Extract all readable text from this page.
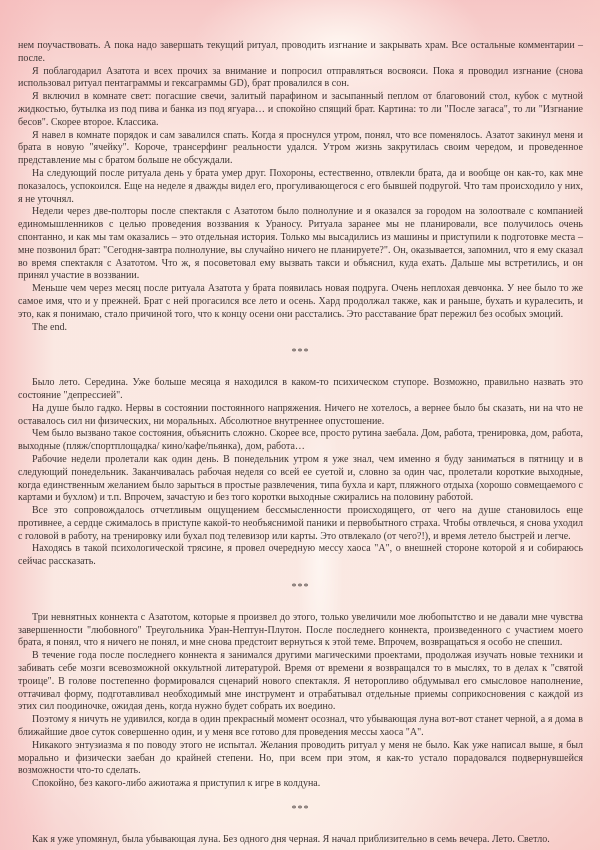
нем поучаствовать. А пока надо завершать текущий ритуал, проводить изгнание и закрывать храм. Все остальные комментарии – после.

Я поблагодарил Азатота и всех прочих за внимание и попросил отправляться восвояси. Пока я проводил изгнание (снова использовал ритуал пентаграммы и гексаграммы GD), брат провалился в сон.

Я включил в комнате свет: погасшие свечи, залитый парафином и засыпанный пеплом от благовоний стол, кубок с мутной жидкостью, бутылка из под пива и банка из под ягуара… и спокойно спящий брат. Картина: то ли "После загаса", то ли "Изгнание бесов". Скорее второе. Классика.

Я навел в комнате порядок и сам завалился спать. Когда я проснулся утром, понял, что все поменялось. Азатот закинул меня и брата в новую "ячейку". Короче, трансерфинг реальности удался. Утром жизнь закрутилась своим чередом, и проведенное представление мы с братом больше не обсуждали.

На следующий после ритуала день у брата умер друг. Похороны, естественно, отвлекли брата, да и вообще он как-то, как мне показалось, успокоился. Еще на неделе я дважды видел его, прогуливающегося с его бывшей подругой. Что там происходило у них, я не уточнял.

Недели через две-полторы после спектакля с Азатотом было полнолуние и я оказался за городом на золоотвале с компанией единомышленников с целью проведения воззвания к Ураносу. Ритуала заранее мы не планировали, все получилось очень спонтанно, и как мы там оказались – это отдельная история. Только мы высадились из машины и приступили к подготовке места – мне позвонил брат: "Сегодня-завтра полнолуние, вы случайно ничего не планируете?". Он, оказывается, запомнил, что я ему сказал во время спектакля с Азатотом. Что ж, я посоветовал ему вызвать такси и объяснил, куда ехать. Дальше мы встретились, и он принял участие в воззвании.

Меньше чем через месяц после ритуала Азатота у брата появилась новая подруга. Очень неплохая девчонка. У нее было то же самое имя, что и у прежней. Брат с ней прогасился все лето и осень. Хард продолжал также, как и раньше, бухать и куралесить, и это, как я понимаю, стало причиной того, что к концу осени они расстались. Это расставание брат пережил без особых эмоций.

The end.

***

Было лето. Середина. Уже больше месяца я находился в каком-то психическом ступоре. Возможно, правильно назвать это состояние "депрессией".

На душе было гадко. Нервы в состоянии постоянного напряжения. Ничего не хотелось, а вернее было бы сказать, ни на что не оставалось сил ни физических, ни моральных. Абсолютное внутреннее опустошение.

Чем было вызвано такое состояния, объяснить сложно. Скорее все, просто рутина заебала. Дом, работа, тренировка, дом, работа, выходные (пляж/спортплощадка/ кино/кафе/пьянка), дом, работа…

Рабочие недели пролетали как один день. В понедельник утром я уже знал, чем именно я буду заниматься в пятницу и в следующий понедельник. Заканчивалась рабочая неделя со всей ее суетой и, словно за один час, пролетали короткие выходные, когда единственным желанием было зарыться в простые развлечения, типа бухла и карт, пляжного отдыха (хорошо совмещаемого с картами и бухлом) и т.п. Впрочем, зачастую и без того коротки выходные сжирались на половину работой.

Все это сопровождалось отчетливым ощущением бессмысленности происходящего, от чего на душе становилось еще противнее, а сердце сжималось в приступе какой-то необъяснимой паники и первобытного страха. Чтобы отвлечься, я снова уходил с головой в работу, на тренировку или бухал под телевизор или карты. Это отвлекало (от чего?!), и время летело быстрей и легче.

Находясь в такой психологической трясине, я провел очередную мессу хаоса "А", о внешней стороне которой я и собираюсь сейчас рассказать.

***

Три невнятных коннекта с Азатотом, которые я произвел до этого, только увеличили мое любопытство и не давали мне чувства завершенности "любовного" Треугольника Уран-Нептун-Плутон. После последнего коннекта, произведенного с участием моего брата, я понял, что я ничего не понял, и мне снова предстоит вернуться к этой теме. Впрочем, возвращаться я особо не спешил.

В течение года после последнего коннекта я занимался другими магическими проектами, продолжая изучать новые техники и забивать себе мозги всевозможной оккультной литературой. Время от времени я возвращался то в мыслях, то в делах к "святой троице". В голове постепенно формировался сценарий нового спектакля. Я неторопливо обдумывал его смысловое наполнение, оттачивал форму, подготавливал необходимый мне инструмент и отрабатывал отдельные приемы соприкосновения с каждой из этих сил поодиночке, ожидая день, когда нужно будет собрать их воедино.

Поэтому я ничуть не удивился, когда в один прекрасный момент осознал, что убывающая луна вот-вот станет черной, а я дома в ближайшие двое суток совершенно один, и у меня все готово для проведения мессы хаоса "А".

Никакого энтузиазма я по поводу этого не испытал. Желания проводить ритуал у меня не было. Как уже написал выше, я был морально и физически заебан до крайней степени. Но, при всем при этом, я как-то устало порадовался подвернувшейся возможности что-то сделать.

Спокойно, без какого-либо ажиотажа я приступил к игре в колдуна.

***

Как я уже упомянул, была убывающая луна. Без одного дня черная. Я начал приблизительно в семь вечера. Лето. Светло.
